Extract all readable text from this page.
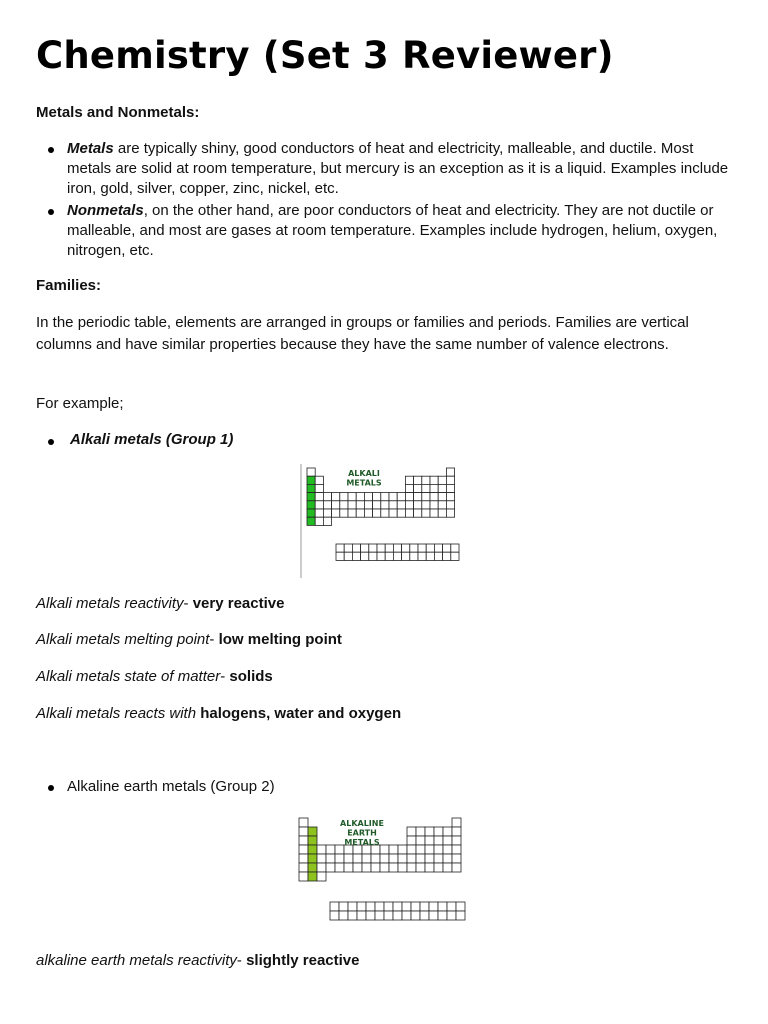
Chemistry (Set 3 Reviewer)
Metals and Nonmetals:
Metals are typically shiny, good conductors of heat and electricity, malleable, and ductile. Most metals are solid at room temperature, but mercury is an exception as it is a liquid. Examples include iron, gold, silver, copper, zinc, nickel, etc.
Nonmetals, on the other hand, are poor conductors of heat and electricity. They are not ductile or malleable, and most are gases at room temperature. Examples include hydrogen, helium, oxygen, nitrogen, etc.
Families:
In the periodic table, elements are arranged in groups or families and periods. Families are vertical columns and have similar properties because they have the same number of valence electrons.
For example;
Alkali metals (Group 1)
ALKALI
METALS
Alkali metals reactivity- very reactive
Alkali metals melting point- low melting point
Alkali metals state of matter- solids
Alkali metals reacts with halogens, water and oxygen
Alkaline earth metals (Group 2)
ALKALINE
EARTH
METALS
alkaline earth metals reactivity- slightly reactive
